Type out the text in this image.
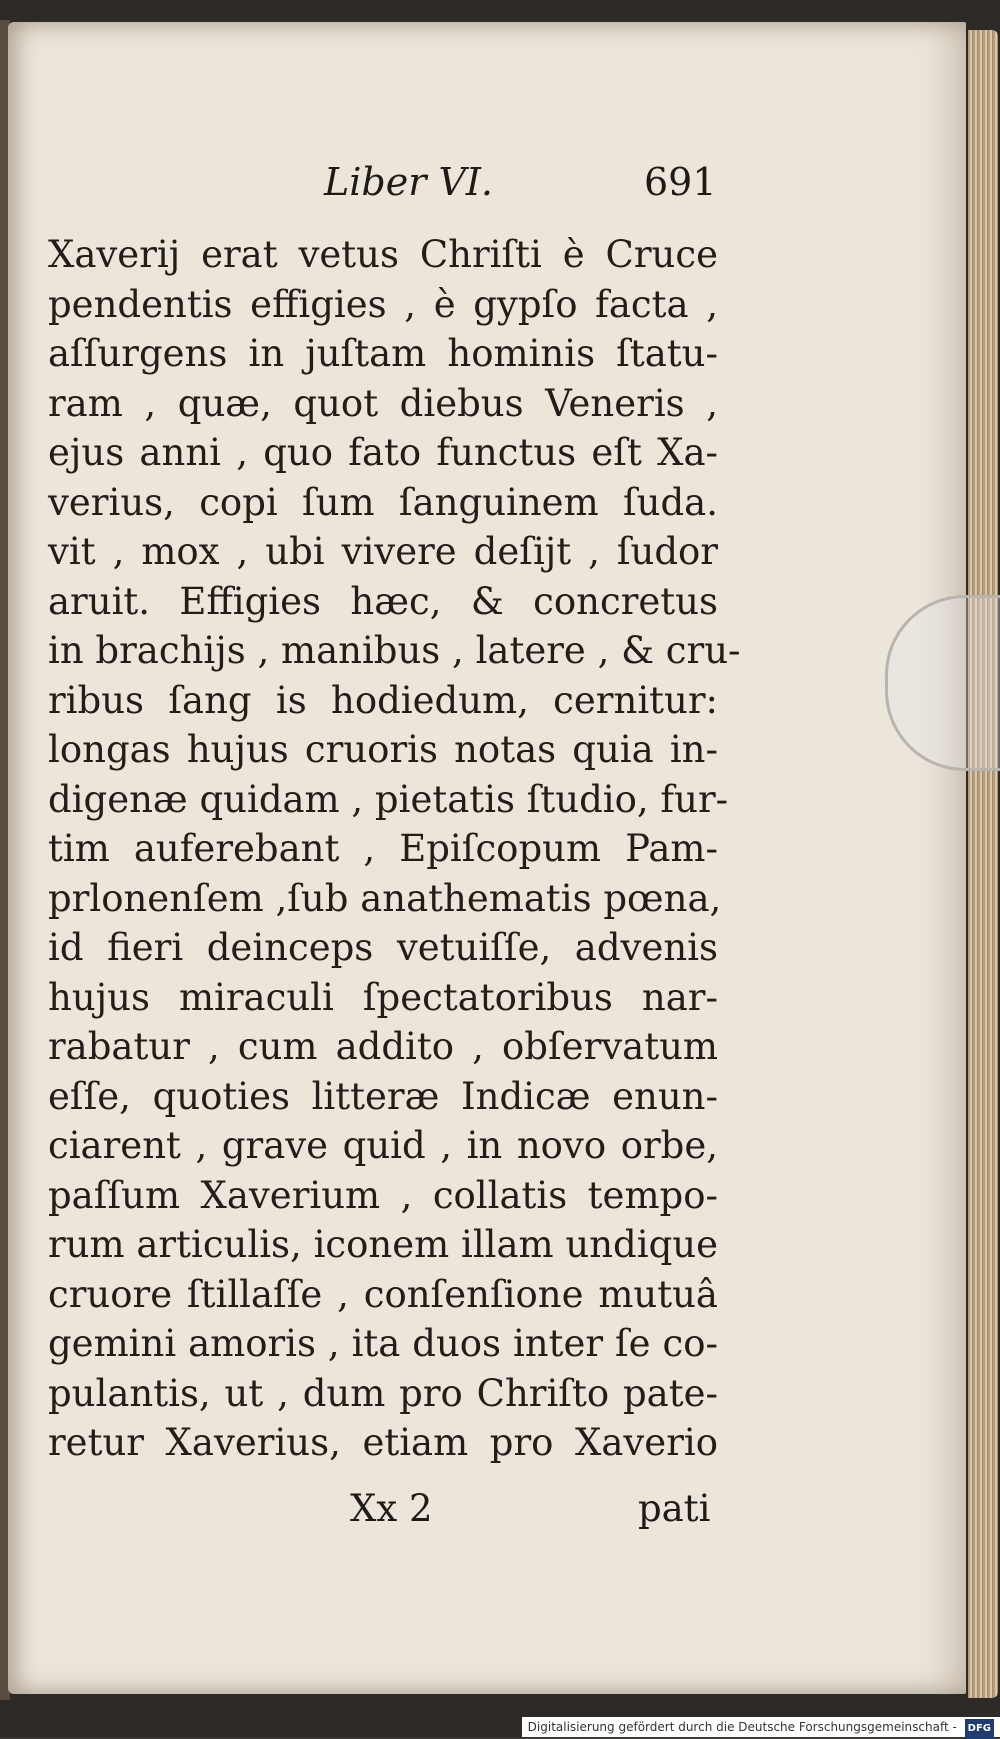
Liber VI.	691
Xaverij erat vetus Chriſti è Cruce
pendentis effigies , è gypſo facta ,
aſſurgens in juſtam hominis ſtatu-
ram , quæ, quot diebus Veneris ,
ejus anni , quo fato functus eſt Xa-
verius, copi ſum ſanguinem ſuda.
vit , mox , ubi vivere deſijt , ſudor
aruit. Effigies hæc, & concretus
in brachijs , manibus , latere , & cru-
ribus ſang is hodiedum, cernitur:
longas hujus cruoris notas quia in-
digenæ quidam , pietatis ſtudio, fur-
tim auferebant , Epiſcopum Pam-
prlonenſem ,ſub anathematis pœna,
id fieri deinceps vetuiſſe, advenis
hujus miraculi ſpectatoribus nar-
rabatur , cum addito , obſervatum
eſſe, quoties litteræ Indicæ enun-
ciarent , grave quid , in novo orbe,
paſſum Xaverium , collatis tempo-
rum articulis, iconem illam undique
cruore ſtillaſſe , conſenſione mutuâ
gemini amoris , ita duos inter ſe co-
pulantis, ut , dum pro Chriſto pate-
retur Xaverius, etiam pro Xaverio
Xx 2	pati
Digitalisierung gefördert durch die Deutsche Forschungsgemeinschaft - DFG
